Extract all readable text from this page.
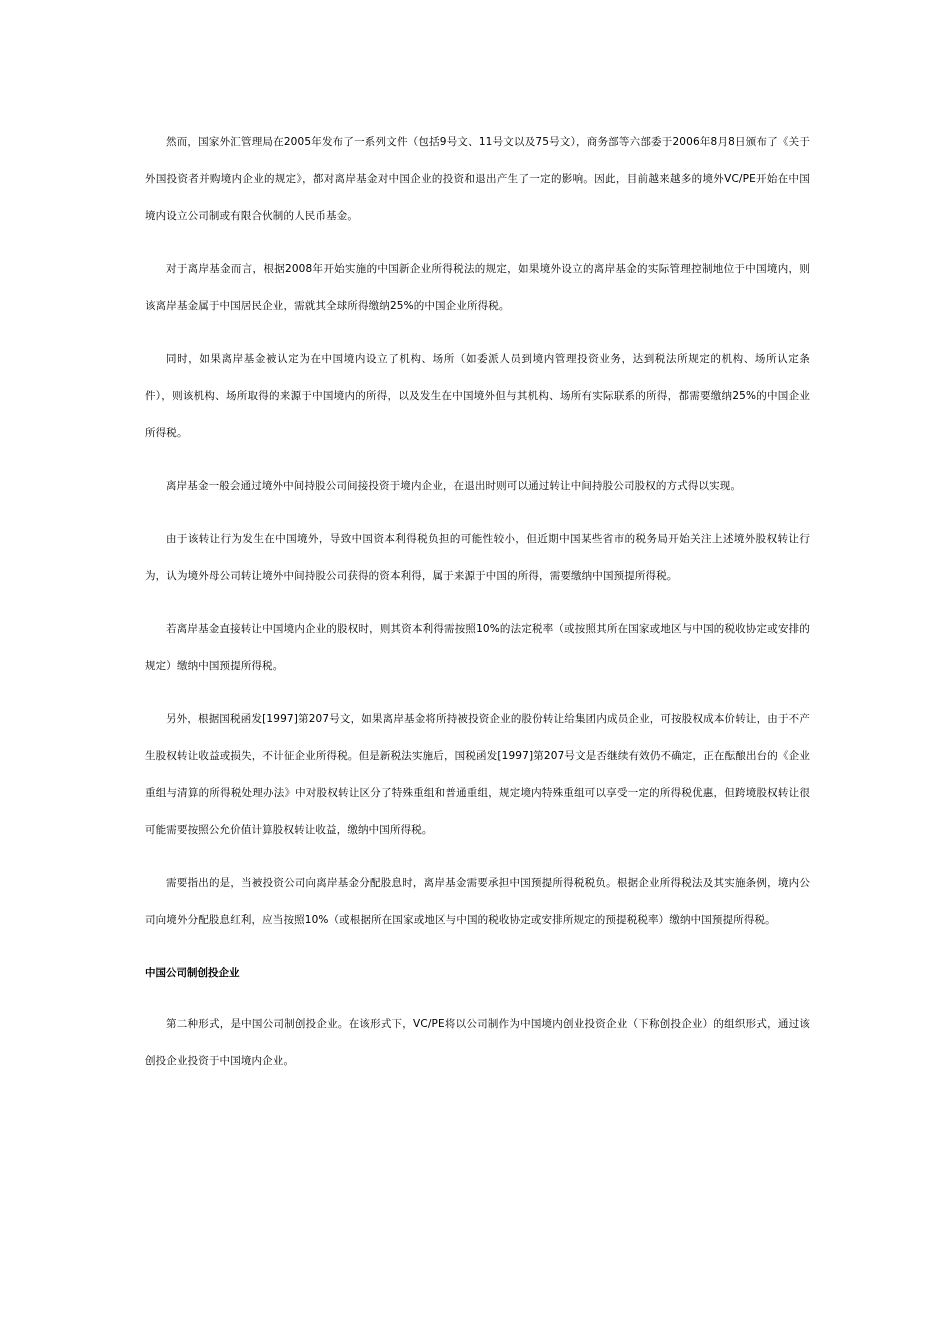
然而，国家外汇管理局在2005年发布了一系列文件（包括9号文、11号文以及75号文），商务部等六部委于2006年8月8日颁布了《关于外国投资者并购境内企业的规定》，都对离岸基金对中国企业的投资和退出产生了一定的影响。因此，目前越来越多的境外VC/PE开始在中国境内设立公司制或有限合伙制的人民币基金。

对于离岸基金而言，根据2008年开始实施的中国新企业所得税法的规定，如果境外设立的离岸基金的实际管理控制地位于中国境内，则该离岸基金属于中国居民企业，需就其全球所得缴纳25%的中国企业所得税。

同时，如果离岸基金被认定为在中国境内设立了机构、场所（如委派人员到境内管理投资业务，达到税法所规定的机构、场所认定条件），则该机构、场所取得的来源于中国境内的所得，以及发生在中国境外但与其机构、场所有实际联系的所得，都需要缴纳25%的中国企业所得税。

离岸基金一般会通过境外中间持股公司间接投资于境内企业，在退出时则可以通过转让中间持股公司股权的方式得以实现。

由于该转让行为发生在中国境外，导致中国资本利得税负担的可能性较小，但近期中国某些省市的税务局开始关注上述境外股权转让行为，认为境外母公司转让境外中间持股公司获得的资本利得，属于来源于中国的所得，需要缴纳中国预提所得税。

若离岸基金直接转让中国境内企业的股权时，则其资本利得需按照10%的法定税率（或按照其所在国家或地区与中国的税收协定或安排的规定）缴纳中国预提所得税。

另外，根据国税函发[1997]第207号文，如果离岸基金将所持被投资企业的股份转让给集团内成员企业，可按股权成本价转让，由于不产生股权转让收益或损失，不计征企业所得税。但是新税法实施后，国税函发[1997]第207号文是否继续有效仍不确定，正在酝酿出台的《企业重组与清算的所得税处理办法》中对股权转让区分了特殊重组和普通重组，规定境内特殊重组可以享受一定的所得税优惠，但跨境股权转让很可能需要按照公允价值计算股权转让收益，缴纳中国所得税。

需要指出的是，当被投资公司向离岸基金分配股息时，离岸基金需要承担中国预提所得税税负。根据企业所得税法及其实施条例，境内公司向境外分配股息红利，应当按照10%（或根据所在国家或地区与中国的税收协定或安排所规定的预提税税率）缴纳中国预提所得税。

中国公司制创投企业

第二种形式，是中国公司制创投企业。在该形式下，VC/PE将以公司制作为中国境内创业投资企业（下称创投企业）的组织形式，通过该创投企业投资于中国境内企业。
